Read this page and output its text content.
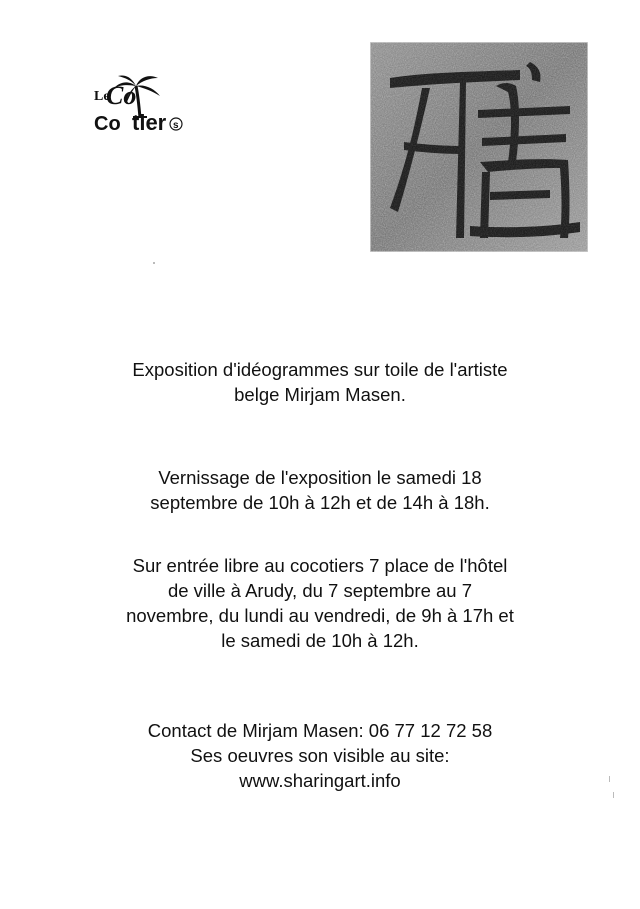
Le
Co
Co tier s

Exposition d'idéogrammes sur toile de l'artiste

belge Mirjam Masen.

Vernissage de l'exposition le samedi 18

septembre de 10h à 12h et de 14h à 18h.

Sur entrée libre au cocotiers 7 place de l'hôtel

de ville à Arudy, du 7 septembre au 7

novembre, du lundi au vendredi, de 9h à 17h et

le samedi de 10h à 12h.

Contact de Mirjam Masen: 06 77 12 72 58

Ses oeuvres son visible au site:

www.sharingart.info
